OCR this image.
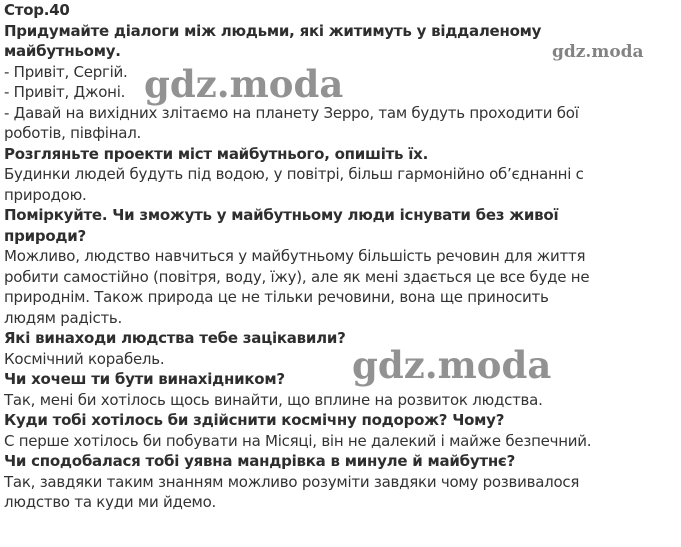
Стор.40
Придумайте діалоги між людьми, які житимуть у віддаленому
майбутньому.
- Привіт, Сергій.
- Привіт, Джоні.
- Давай на вихідних злітаємо на планету Зерро, там будуть проходити бої
роботів, півфінал.
Розгляньте проекти міст майбутнього, опишіть їх.
Будинки людей будуть під водою, у повітрі, більш гармонійно об’єднанні с
природою.
Поміркуйте. Чи зможуть у майбутньому люди існувати без живої
природи?
Можливо, людство навчиться у майбутньому більшість речовин для життя
робити самостійно (повітря, воду, їжу), але як мені здається це все буде не
природнім. Також природа це не тільки речовини, вона ще приносить
людям радість.
Які винаходи людства тебе зацікавили?
Космічний корабель.
Чи хочеш ти бути винахідником?
Так, мені би хотілось щось винайти, що вплине на розвиток людства.
Куди тобі хотілось би здійснити космічну подорож? Чому?
С перше хотілось би побувати на Місяці, він не далекий і майже безпечний.
Чи сподобалася тобі уявна мандрівка в минуле й майбутнє?
Так, завдяки таким знанням можливо розуміти завдяки чому розвивалося
людство та куди ми йдемо.
gdz.moda
gdz.moda
gdz.moda
